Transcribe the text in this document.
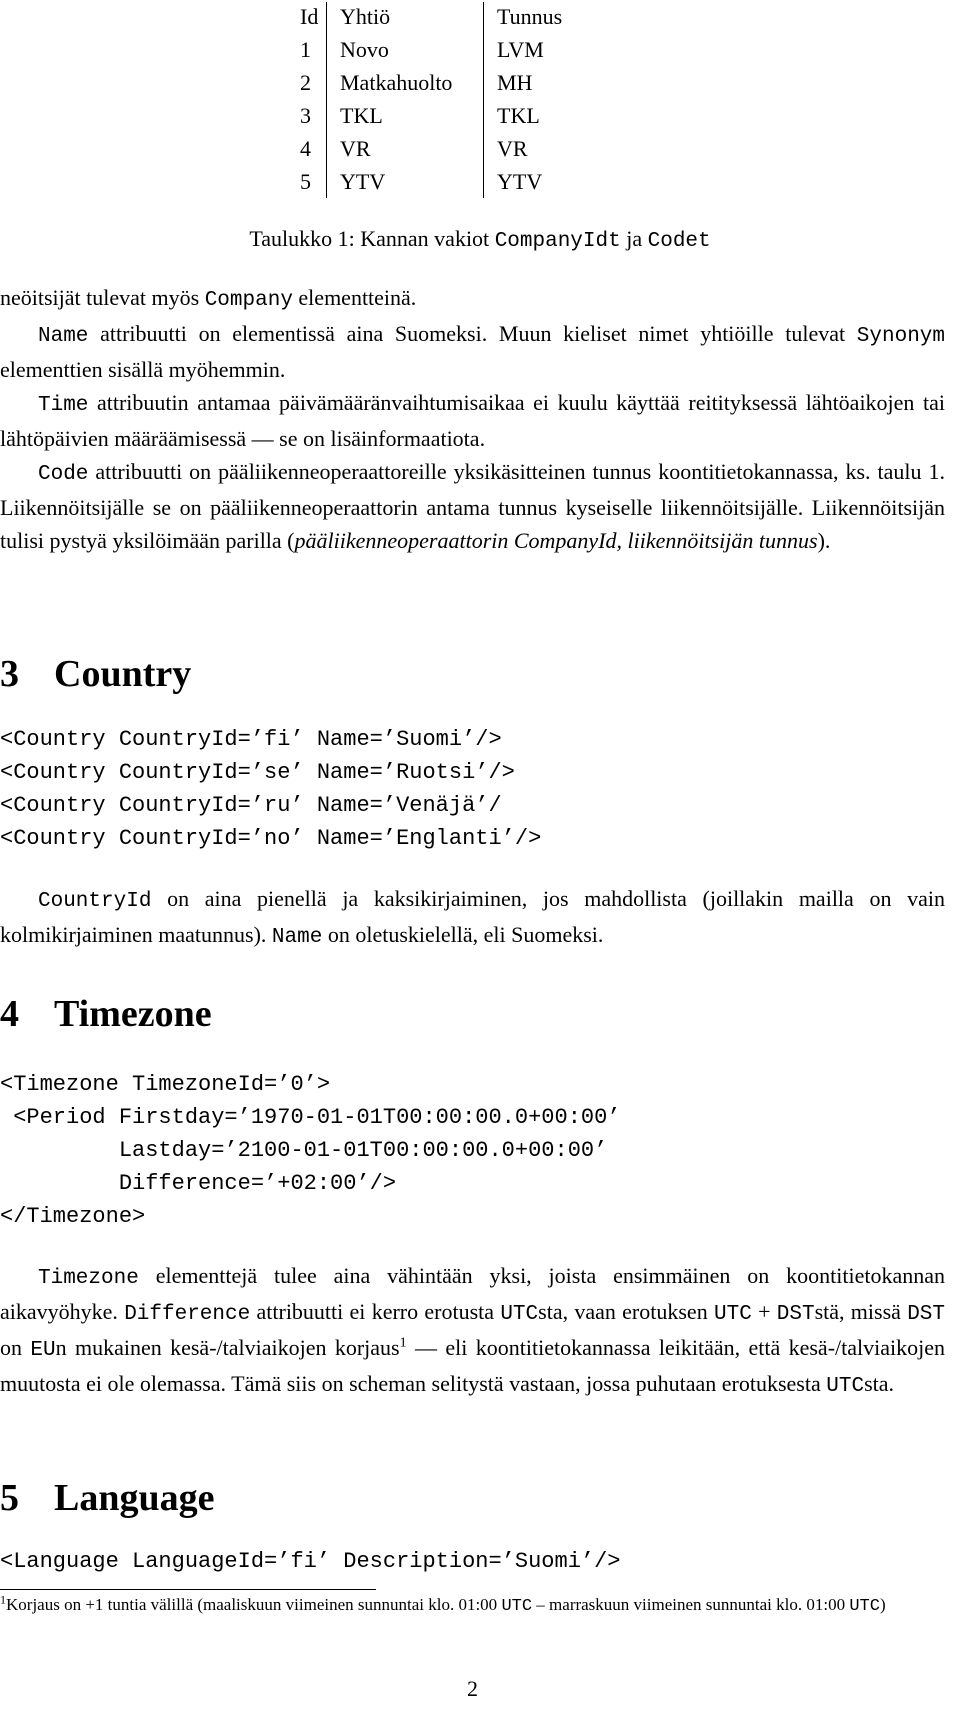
Id
1
2
3
4
5
Yhtiö
Novo
Matkahuolto
TKL
VR
YTV
Tunnus
LVM
MH
TKL
VR
YTV
Taulukko 1: Kannan vakiot CompanyIdt ja Codet

neöitsijät tulevat myös Company elementteinä.

Name attribuutti on elementissä aina Suomeksi. Muun kieliset nimet yhtiöille tulevat Synonym elementtien sisällä myöhemmin.

Time attribuutin antamaa päivämääränvaihtumisaikaa ei kuulu käyttää reitityksessä lähtöaikojen tai lähtöpäivien määräämisessä — se on lisäinformaatiota.

Code attribuutti on pääliikenneoperaattoreille yksikäsitteinen tunnus koontitietokannassa, ks. taulu 1. Liikennöitsijälle se on pääliikenneoperaattorin antama tunnus kyseiselle liikennöitsijälle. Liikennöitsijän tulisi pystyä yksilöimään parilla (pääliikenneoperaattorin CompanyId, liikennöitsijän tunnus).

3 Country
<Country CountryId=’fi’ Name=’Suomi’/>
<Country CountryId=’se’ Name=’Ruotsi’/>
<Country CountryId=’ru’ Name=’Venäjä’/
<Country CountryId=’no’ Name=’Englanti’/>

CountryId on aina pienellä ja kaksikirjaiminen, jos mahdollista (joillakin mailla on vain kolmikirjaiminen maatunnus). Name on oletuskielellä, eli Suomeksi.

4 Timezone
<Timezone TimezoneId=’0’>
<Period Firstday=’1970-01-01T00:00:00.0+00:00’
Lastday=’2100-01-01T00:00:00.0+00:00’
Difference=’+02:00’/>
</Timezone>

Timezone elementtejä tulee aina vähintään yksi, joista ensimmäinen on koontitietokannan aikavyöhyke. Difference attribuutti ei kerro erotusta UTCsta, vaan erotuksen UTC + DSTstä, missä DST on EUn mukainen kesä-/talviaikojen korjaus$^1$ — eli koontitietokannassa leikitään, että kesä-/talviaikojen muutosta ei ole olemassa. Tämä siis on scheman selitystä vastaan, jossa puhutaan erotuksesta UTCsta.

5 Language
<Language LanguageId=’fi’ Description=’Suomi’/>
$^1$Korjaus on +1 tuntia välillä (maaliskuun viimeinen sunnuntai klo. 01:00 UTC – marraskuun viimeinen sunnuntai klo. 01:00 UTC)
2
